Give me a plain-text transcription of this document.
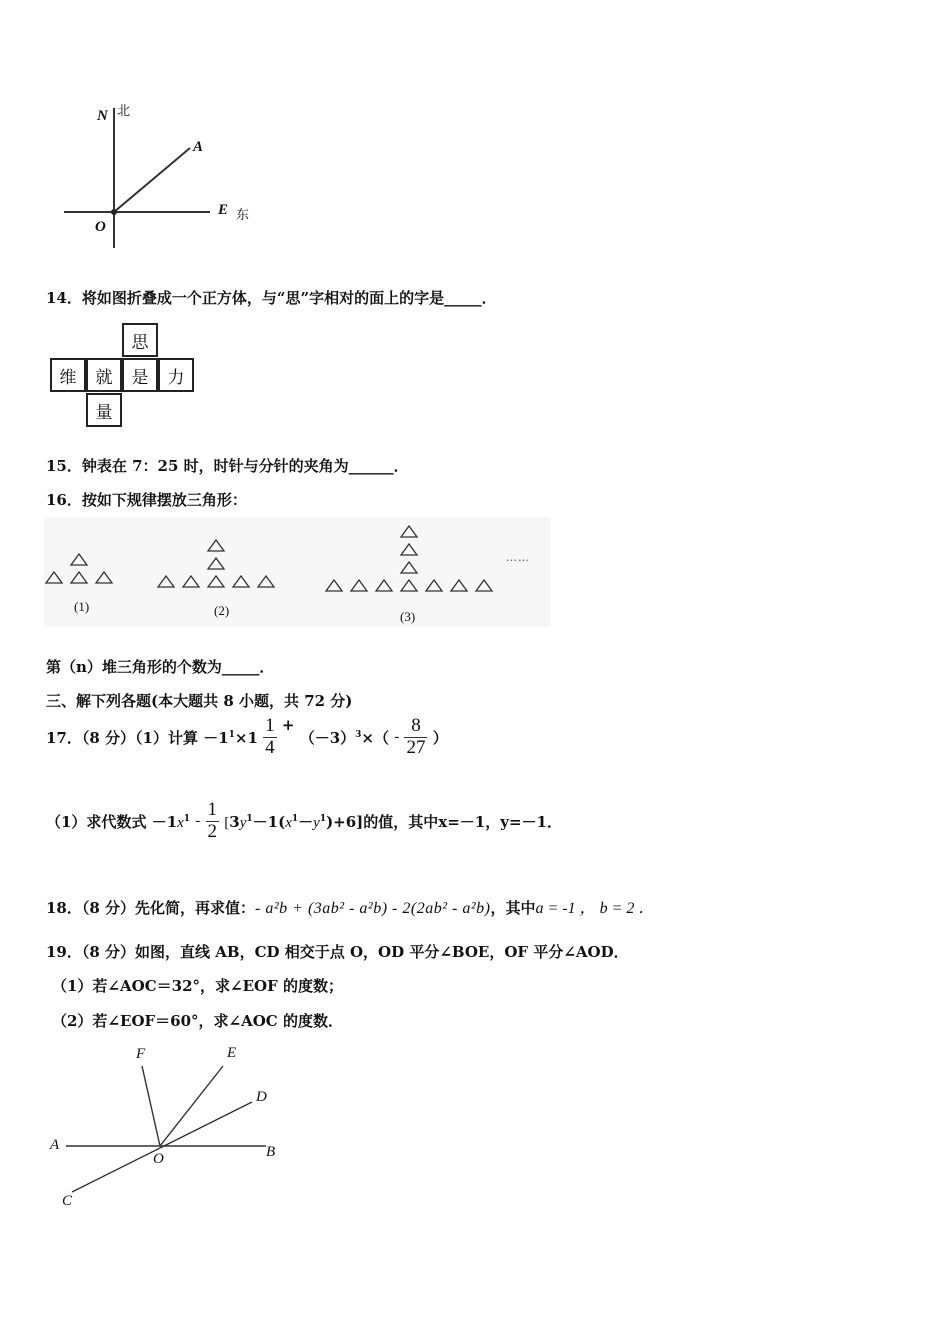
N 北
A
E 东
O
14．将如图折叠成一个正方体，与“思”字相对的面上的字是_____．
思
维	就	是	力
量
15．钟表在 7：25 时，时针与分针的夹角为______．
16．按如下规律摆放三角形：
(1)	(2)	(3)
……
第（n）堆三角形的个数为_____．
三、解下列各题(本大题共 8 小题，共 72 分)
17．（8 分）（1）计算 $-1^1\times 1 \frac{1}{4} + (-3)^3\times( - \frac{8}{27}$ ）
（1）求代数式 $-1x^1 - \frac{1}{2} [3y^1-1(x^1-y^1)+6]$的值，其中x=－1，y=－1．
18．（8 分）先化简，再求值：- a²b + (3ab² - a²b) - 2(2ab² - a²b)，其中a = -1 ， b = 2 ．
19．（8 分）如图，直线 AB，CD 相交于点 O，OD 平分∠BOE，OF 平分∠AOD．
（1）若∠AOC＝32°，求∠EOF 的度数；
（2）若∠EOF＝60°，求∠AOC 的度数．
F	E
D
A
O	B
C
